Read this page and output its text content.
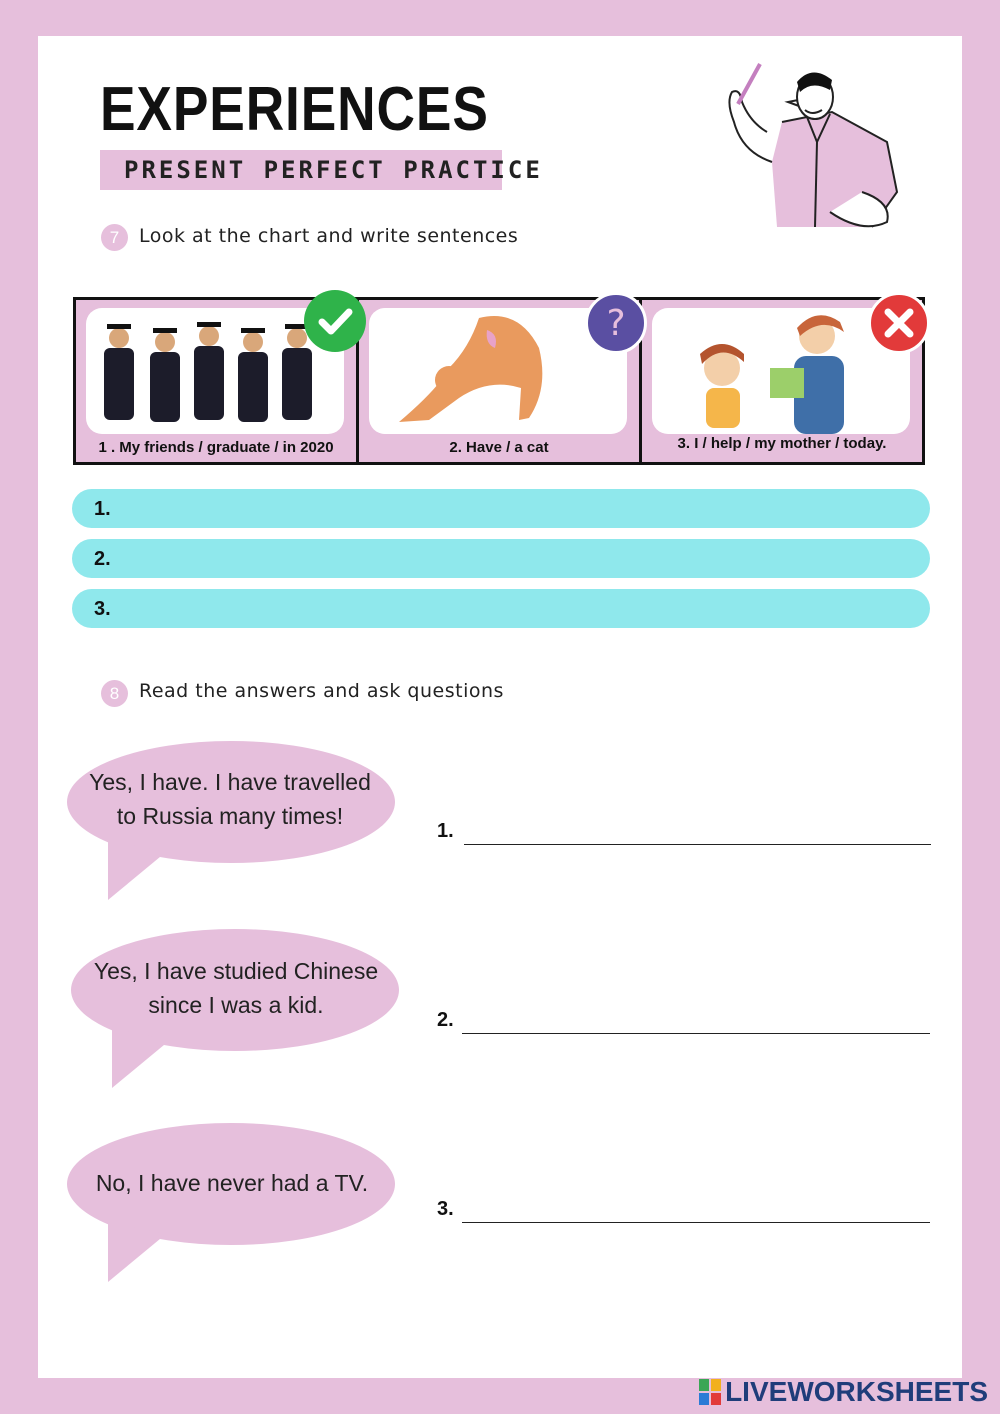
EXPERIENCES
PRESENT PERFECT PRACTICE
7	Look at the chart and write sentences
1 . My friends / graduate / in 2020	2. Have / a cat
?
3. I / help / my mother / today.
1.
2.
3.
8	Read the answers and ask questions
Yes, I have. I have travelled to Russia many times!
Yes, I have studied Chinese since I was a kid.
No, I have never had a TV.
1.
2.
3.
LIVEWORKSHEETS
